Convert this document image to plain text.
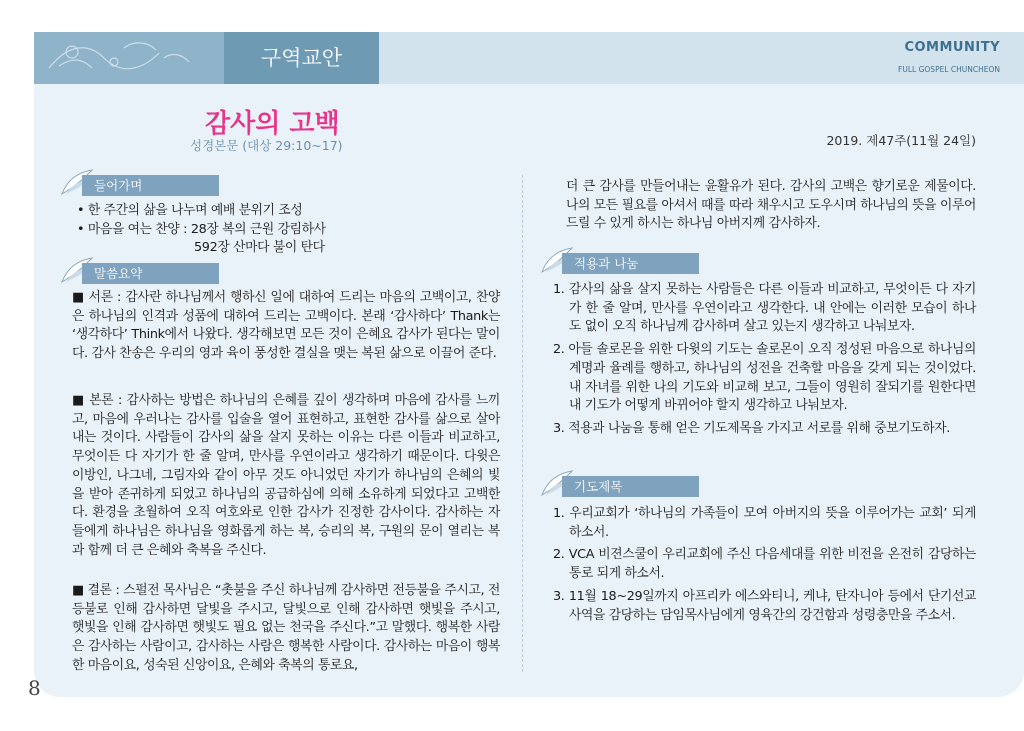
구역교안	COMMUNITY
FULL GOSPEL CHUNCHEON
감사의 고백
성경본문 (대상 29:10~17)	2019. 제47주(11월 24일)
들어가며
• 한 주간의 삶을 나누며 예배 분위기 조성
• 마음을 여는 찬양 : 28장 복의 근원 강림하사
592장 산마다 불이 탄다
말씀요약
■ 서론 : 감사란 하나님께서 행하신 일에 대하여 드리는 마음의 고백이고, 찬양은 하나님의 인격과 성품에 대하여 드리는 고백이다. 본래 ‘감사하다’ Thank는 ‘생각하다’ Think에서 나왔다. 생각해보면 모든 것이 은혜요 감사가 된다는 말이다. 감사 찬송은 우리의 영과 육이 풍성한 결실을 맺는 복된 삶으로 이끌어 준다.
■ 본론 : 감사하는 방법은 하나님의 은혜를 깊이 생각하며 마음에 감사를 느끼고, 마음에 우러나는 감사를 입술을 열어 표현하고, 표현한 감사를 삶으로 살아내는 것이다. 사람들이 감사의 삶을 살지 못하는 이유는 다른 이들과 비교하고, 무엇이든 다 자기가 한 줄 알며, 만사를 우연이라고 생각하기 때문이다. 다윗은 이방인, 나그네, 그림자와 같이 아무 것도 아니었던 자기가 하나님의 은혜의 빛을 받아 존귀하게 되었고 하나님의 공급하심에 의해 소유하게 되었다고 고백한다. 환경을 초월하여 오직 여호와로 인한 감사가 진정한 감사이다. 감사하는 자들에게 하나님은 하나님을 영화롭게 하는 복, 승리의 복, 구원의 문이 열리는 복과 함께 더 큰 은혜와 축복을 주신다.
■ 결론 : 스펄전 목사님은 “촛불을 주신 하나님께 감사하면 전등불을 주시고, 전등불로 인해 감사하면 달빛을 주시고, 달빛으로 인해 감사하면 햇빛을 주시고, 햇빛을 인해 감사하면 햇빛도 필요 없는 천국을 주신다.”고 말했다. 행복한 사람은 감사하는 사람이고, 감사하는 사람은 행복한 사람이다. 감사하는 마음이 행복한 마음이요, 성숙된 신앙이요, 은혜와 축복의 통로요,
더 큰 감사를 만들어내는 윤활유가 된다. 감사의 고백은 향기로운 제물이다. 나의 모든 필요를 아셔서 때를 따라 채우시고 도우시며 하나님의 뜻을 이루어 드릴 수 있게 하시는 하나님 아버지께 감사하자.
적용과 나눔
1. 감사의 삶을 살지 못하는 사람들은 다른 이들과 비교하고, 무엇이든 다 자기가 한 줄 알며, 만사를 우연이라고 생각한다. 내 안에는 이러한 모습이 하나도 없이 오직 하나님께 감사하며 살고 있는지 생각하고 나눠보자.
2. 아들 솔로몬을 위한 다윗의 기도는 솔로몬이 오직 정성된 마음으로 하나님의 계명과 율례를 행하고, 하나님의 성전을 건축할 마음을 갖게 되는 것이었다. 내 자녀를 위한 나의 기도와 비교해 보고, 그들이 영원히 잘되기를 원한다면 내 기도가 어떻게 바뀌어야 할지 생각하고 나눠보자.
3. 적용과 나눔을 통해 얻은 기도제목을 가지고 서로를 위해 중보기도하자.
기도제목
1. 우리교회가 ‘하나님의 가족들이 모여 아버지의 뜻을 이루어가는 교회’ 되게 하소서.
2. VCA 비젼스쿨이 우리교회에 주신 다음세대를 위한 비전을 온전히 감당하는 통로 되게 하소서.
3. 11월 18~29일까지 아프리카 에스와티니, 케냐, 탄자니아 등에서 단기선교사역을 감당하는 담임목사님에게 영육간의 강건함과 성령충만을 주소서.
8
